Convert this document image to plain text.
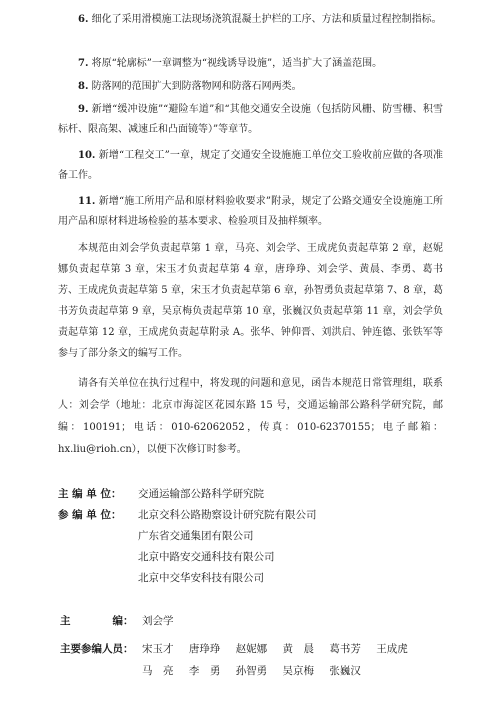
6. 细化了采用滑模施工法现场浇筑混凝土护栏的工序、方法和质量过程控制指标。

7. 将原“轮廓标”一章调整为“视线诱导设施”，适当扩大了涵盖范围。

8. 防落网的范围扩大到防落物网和防落石网两类。

9. 新增“缓冲设施”“避险车道”和“其他交通安全设施（包括防风栅、防雪栅、积雪标杆、限高架、减速丘和凸面镜等）”等章节。

10. 新增“工程交工”一章，规定了交通安全设施施工单位交工验收前应做的各项准备工作。

11. 新增“施工所用产品和原材料验收要求”附录，规定了公路交通安全设施施工所用产品和原材料进场检验的基本要求、检验项目及抽样频率。

本规范由刘会学负责起草第 1 章，马亮、刘会学、王成虎负责起草第 2 章，赵妮娜负责起草第 3 章，宋玉才负责起草第 4 章，唐琤琤、刘会学、黄晨、李勇、葛书芳、王成虎负责起草第 5 章，宋玉才负责起草第 6 章，孙智勇负责起草第 7、8 章，葛书芳负责起草第 9 章，吴京梅负责起草第 10 章，张巍汉负责起草第 11 章，刘会学负责起草第 12 章，王成虎负责起草附录 A。张华、钟仰晋、刘洪启、钟连德、张铁军等参与了部分条文的编写工作。

请各有关单位在执行过程中，将发现的问题和意见，函告本规范日常管理组，联系人：刘会学（地址：北京市海淀区花园东路 15 号，交通运输部公路科学研究院，邮编：100191；电话：010-62062052，传真：010-62370155；电子邮箱：hx.liu@rioh.cn），以便下次修订时参考。

主 编 单 位：	交通运输部公路科学研究院
参 编 单 位：	北京交科公路勘察设计研究院有限公司
广东省交通集团有限公司
北京中路安交通科技有限公司
北京中交华安科技有限公司
主　　　　编： 刘会学
主要参编人员： 宋玉才 唐琤琤 赵妮娜 黄　晨 葛书芳 王成虎
马　亮 李　勇 孙智勇 吴京梅 张巍汉
